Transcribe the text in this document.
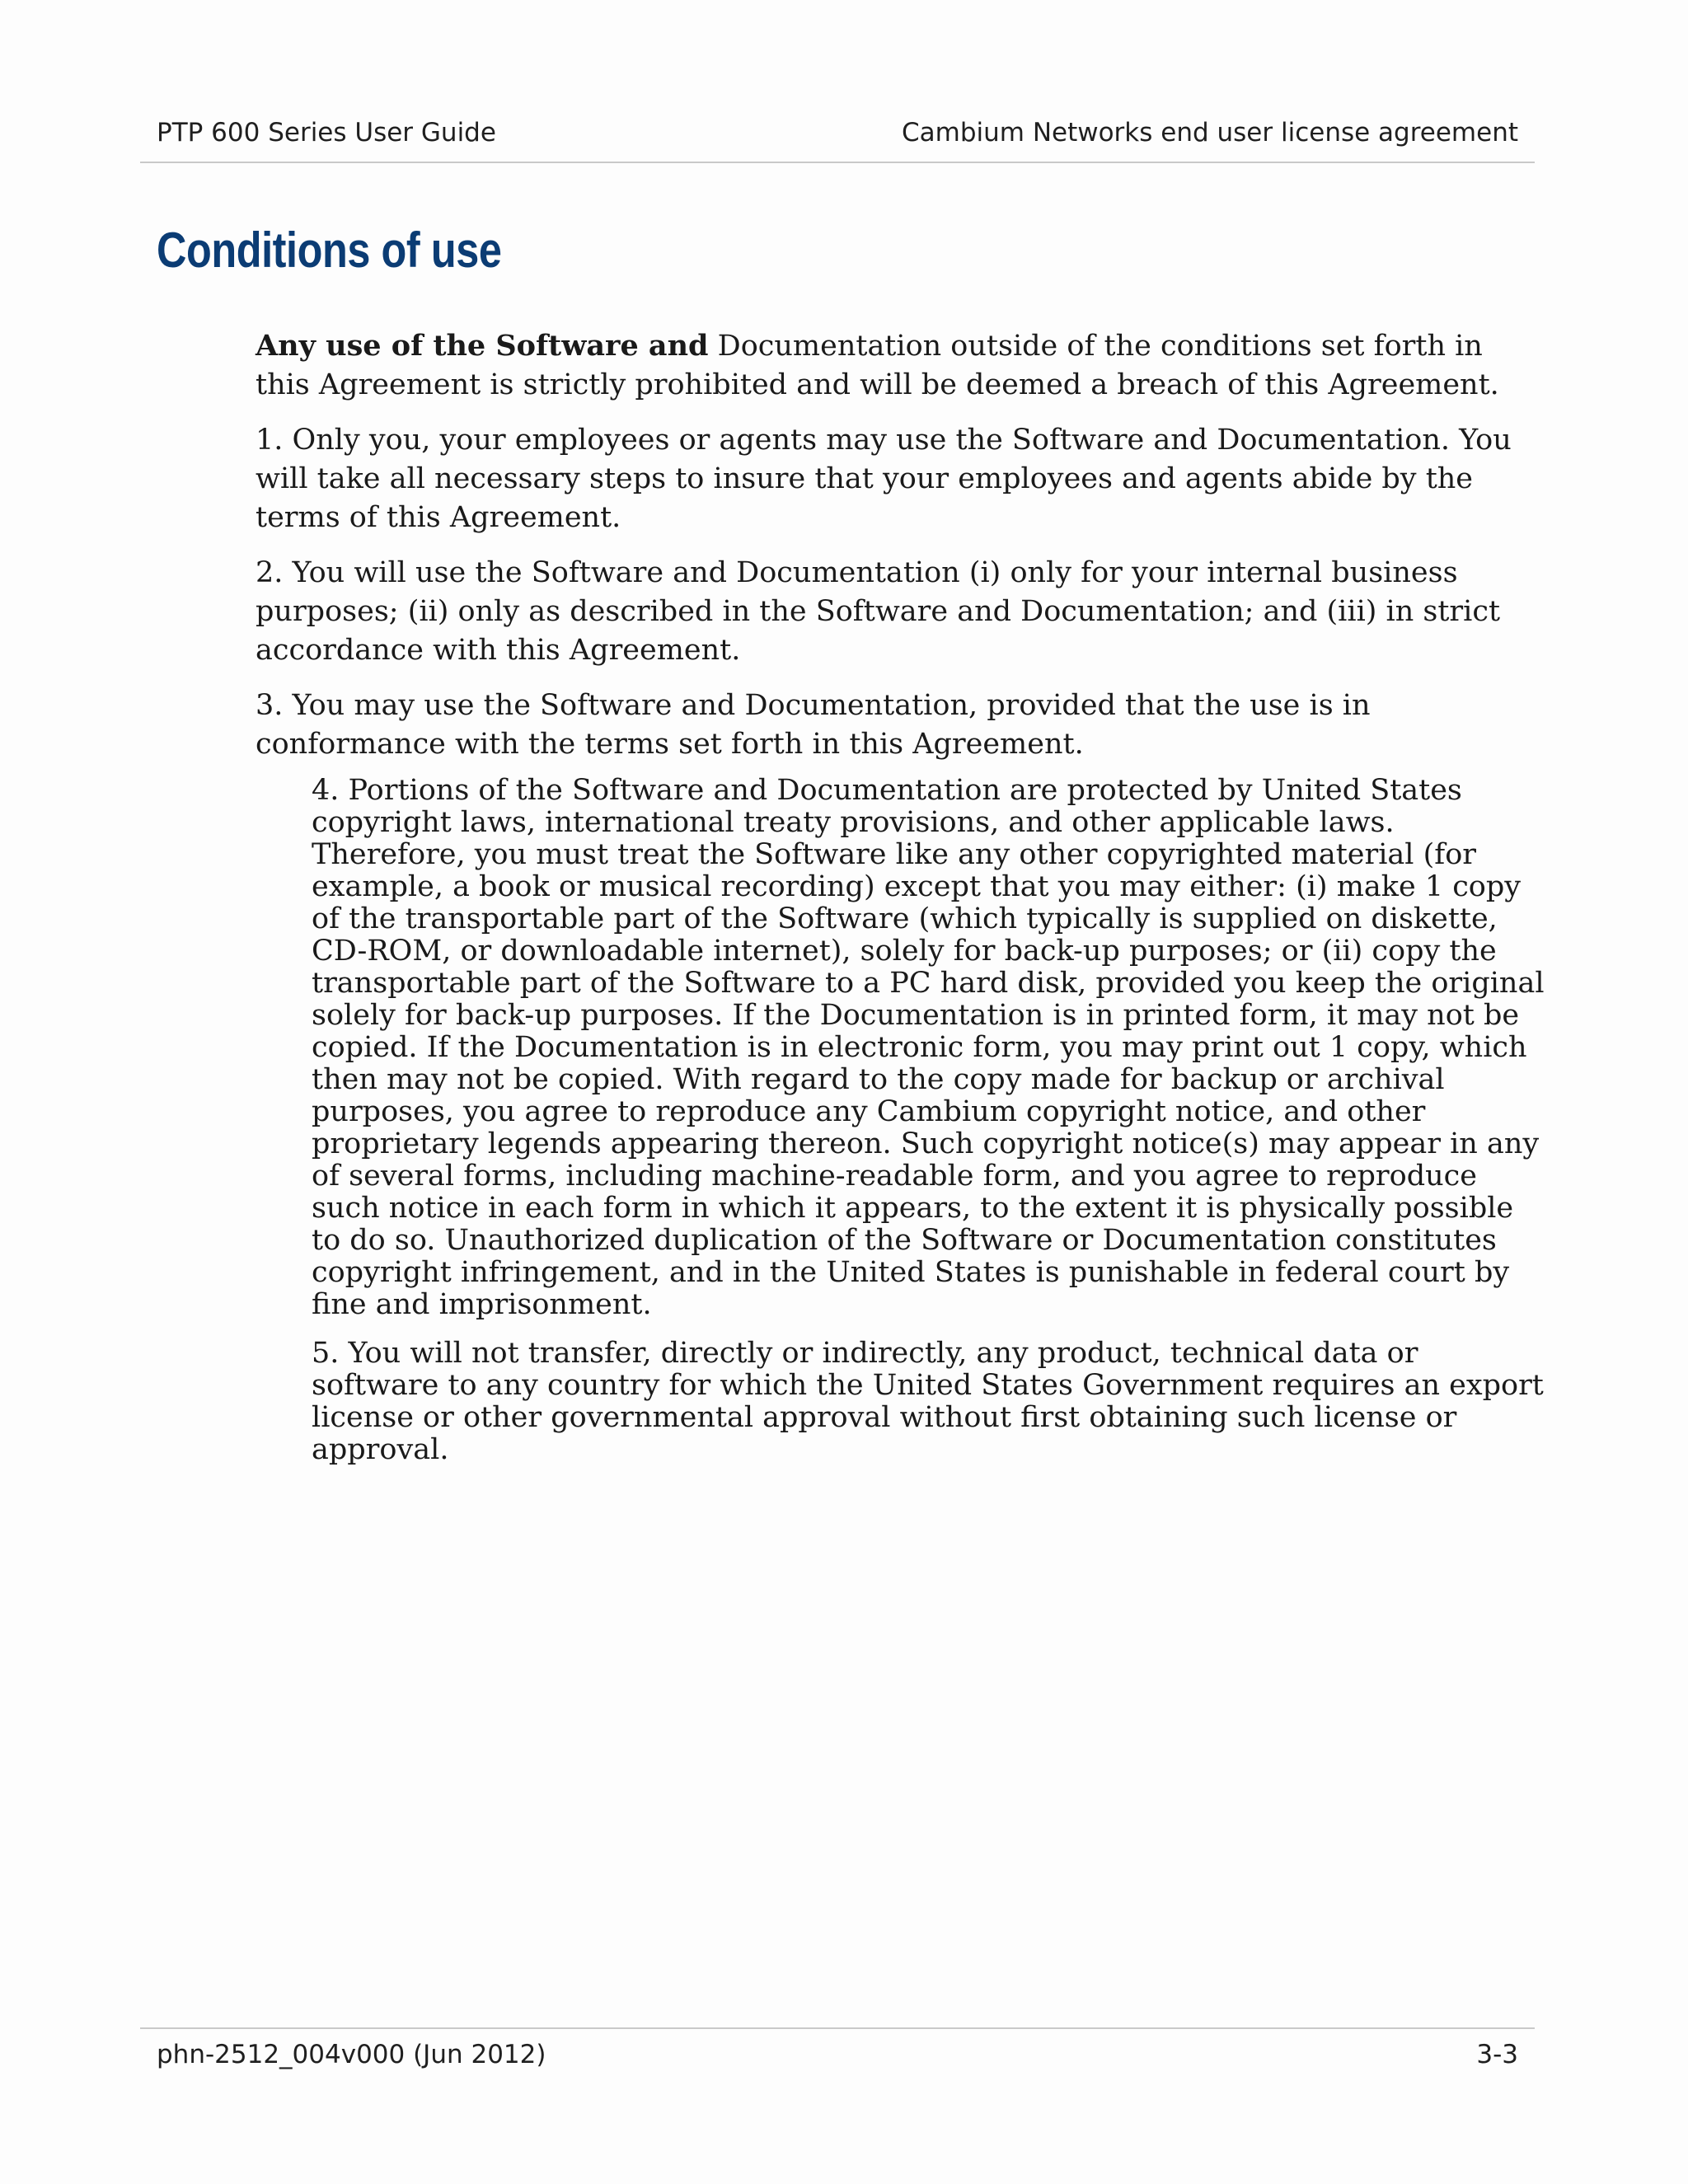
PTP 600 Series User Guide	Cambium Networks end user license agreement
Conditions of use

Any use of the Software and Documentation outside of the conditions set forth in this Agreement is strictly prohibited and will be deemed a breach of this Agreement.

1. Only you, your employees or agents may use the Software and Documentation. You will take all necessary steps to insure that your employees and agents abide by the terms of this Agreement.

2. You will use the Software and Documentation (i) only for your internal business purposes; (ii) only as described in the Software and Documentation; and (iii) in strict accordance with this Agreement.

3. You may use the Software and Documentation, provided that the use is in conformance with the terms set forth in this Agreement.

4. Portions of the Software and Documentation are protected by United States copyright laws, international treaty provisions, and other applicable laws. Therefore, you must treat the Software like any other copyrighted material (for example, a book or musical recording) except that you may either: (i) make 1 copy of the transportable part of the Software (which typically is supplied on diskette, CD-ROM, or downloadable internet), solely for back-up purposes; or (ii) copy the transportable part of the Software to a PC hard disk, provided you keep the original solely for back-up purposes. If the Documentation is in printed form, it may not be copied. If the Documentation is in electronic form, you may print out 1 copy, which then may not be copied. With regard to the copy made for backup or archival purposes, you agree to reproduce any Cambium copyright notice, and other proprietary legends appearing thereon. Such copyright notice(s) may appear in any of several forms, including machine-readable form, and you agree to reproduce such notice in each form in which it appears, to the extent it is physically possible to do so. Unauthorized duplication of the Software or Documentation constitutes copyright infringement, and in the United States is punishable in federal court by fine and imprisonment.

5. You will not transfer, directly or indirectly, any product, technical data or software to any country for which the United States Government requires an export license or other governmental approval without first obtaining such license or approval.

phn-2512_004v000 (Jun 2012)	3-3
